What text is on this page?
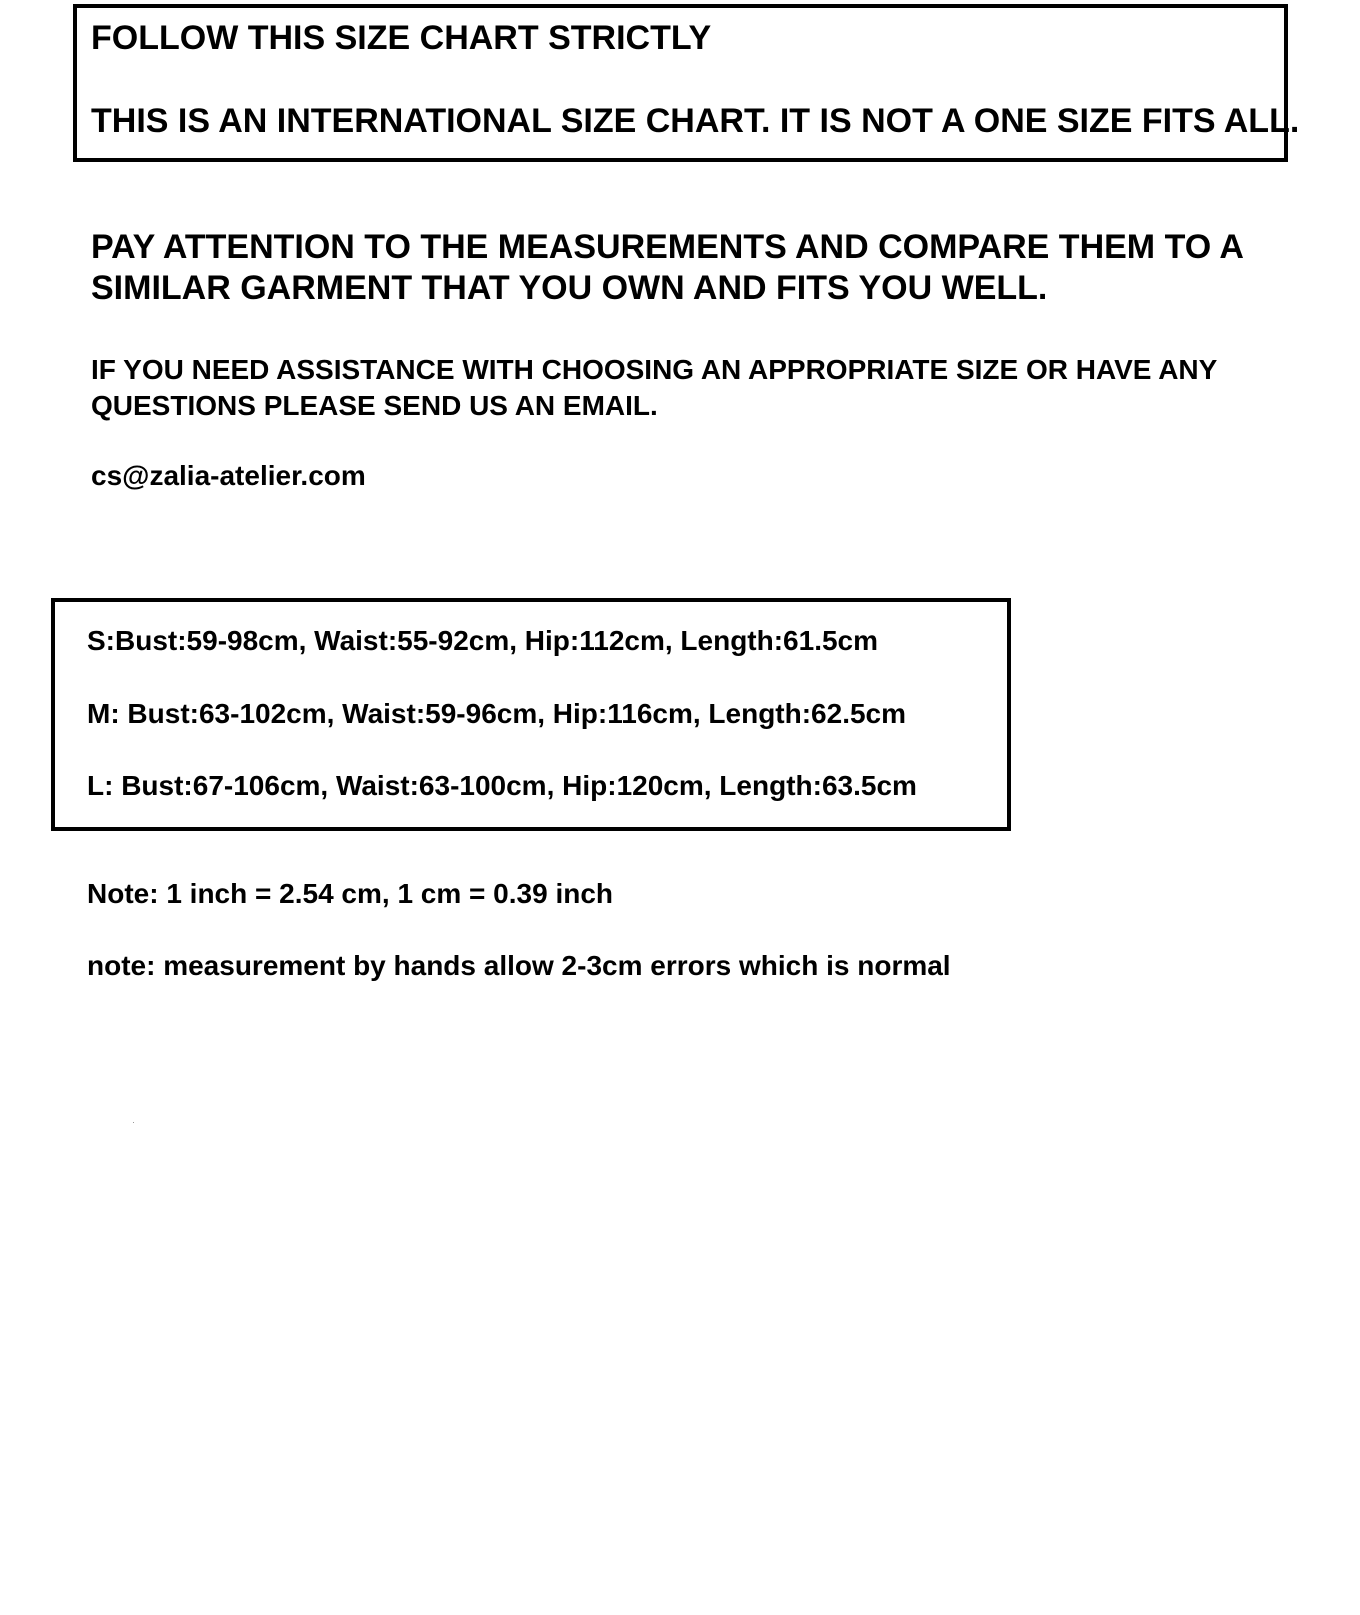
FOLLOW THIS SIZE CHART STRICTLY

THIS IS AN INTERNATIONAL SIZE CHART. IT IS NOT A ONE SIZE FITS ALL.

PAY ATTENTION TO THE MEASUREMENTS AND COMPARE THEM TO A

SIMILAR GARMENT THAT YOU OWN AND FITS YOU WELL.

IF YOU NEED ASSISTANCE WITH CHOOSING AN APPROPRIATE SIZE OR HAVE ANY

QUESTIONS PLEASE SEND US AN EMAIL.

cs@zalia-atelier.com

S:Bust:59-98cm, Waist:55-92cm, Hip:112cm, Length:61.5cm

M: Bust:63-102cm, Waist:59-96cm, Hip:116cm, Length:62.5cm

L: Bust:67-106cm, Waist:63-100cm, Hip:120cm, Length:63.5cm

Note: 1 inch = 2.54 cm, 1 cm = 0.39 inch

note: measurement by hands allow 2-3cm errors which is normal
